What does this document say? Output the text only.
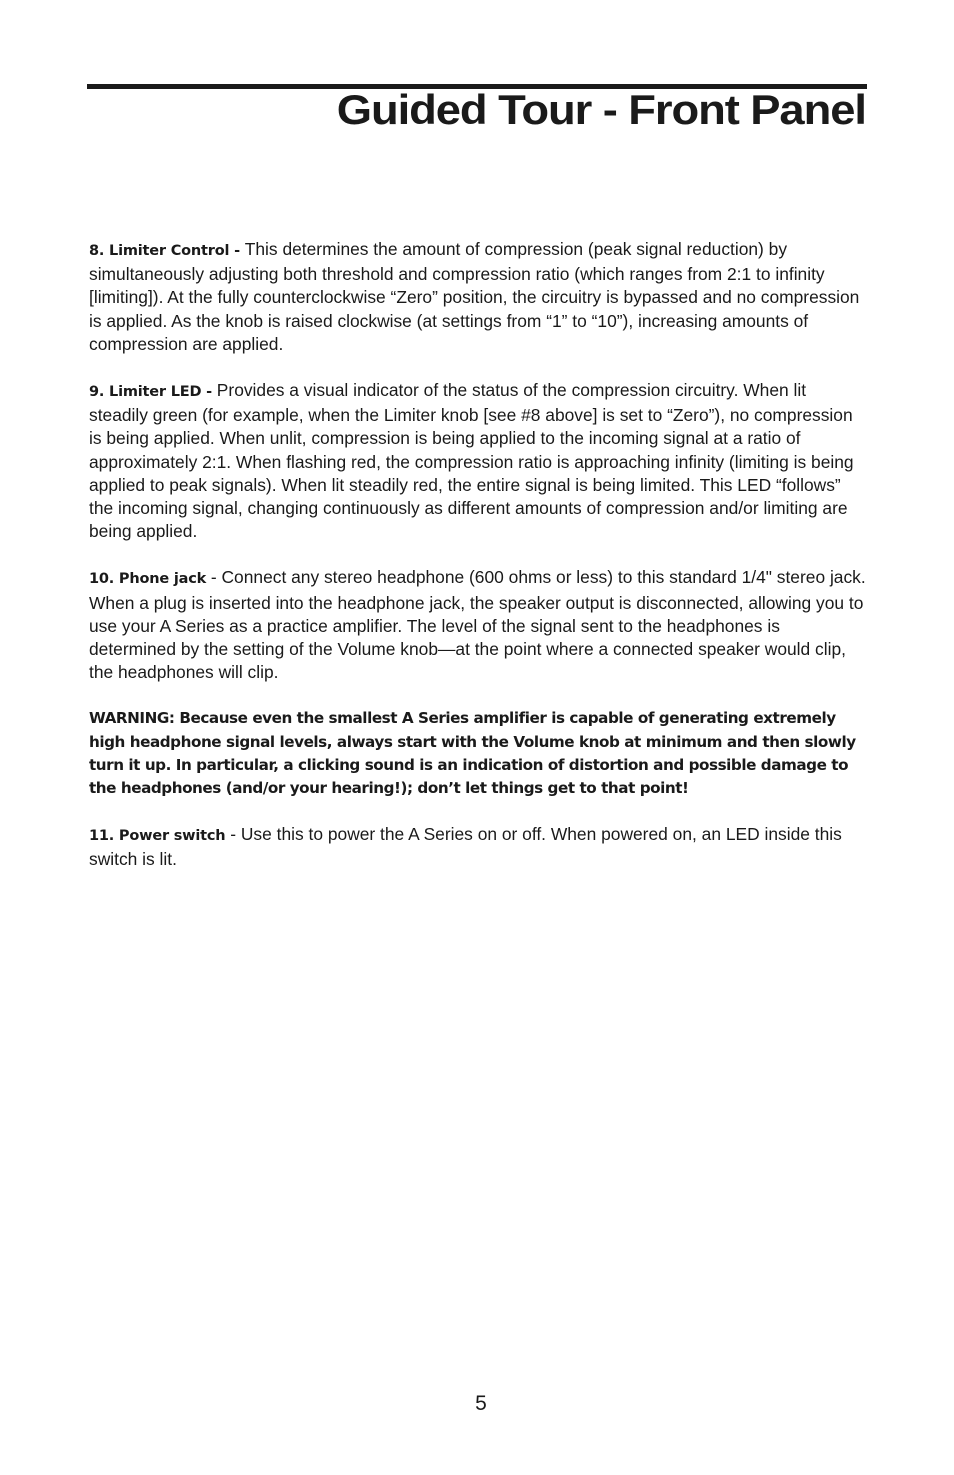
Guided Tour - Front Panel

8. Limiter Control - This determines the amount of compression (peak signal reduction) by simultaneously adjusting both threshold and compression ratio (which ranges from 2:1 to infinity [limiting]). At the fully counterclockwise “Zero” position, the circuitry is bypassed and no compression is applied. As the knob is raised clockwise (at settings from “1” to “10”), increasing amounts of compression are applied.

9. Limiter LED - Provides a visual indicator of the status of the compression circuitry. When lit steadily green (for example, when the Limiter knob [see #8 above] is set to “Zero”), no compression is being applied. When unlit, compression is being applied to the incoming signal at a ratio of approximately 2:1. When flashing red, the compression ratio is approaching infinity (limiting is being applied to peak signals). When lit steadily red, the entire signal is being limited. This LED “follows” the incoming signal, changing continuously as different amounts of compression and/or limiting are being applied.

10. Phone jack - Connect any stereo headphone (600 ohms or less) to this standard 1/4" stereo jack. When a plug is inserted into the headphone jack, the speaker output is disconnected, allowing you to use your A Series as a practice amplifier. The level of the signal sent to the headphones is determined by the setting of the Volume knob—at the point where a connected speaker would clip, the headphones will clip.

WARNING: Because even the smallest A Series amplifier is capable of generating extremely high headphone signal levels, always start with the Volume knob at minimum and then slowly turn it up. In particular, a clicking sound is an indication of distortion and possible damage to the headphones (and/or your hearing!); don’t let things get to that point!

11. Power switch - Use this to power the A Series on or off. When powered on, an LED inside this switch is lit.

5
